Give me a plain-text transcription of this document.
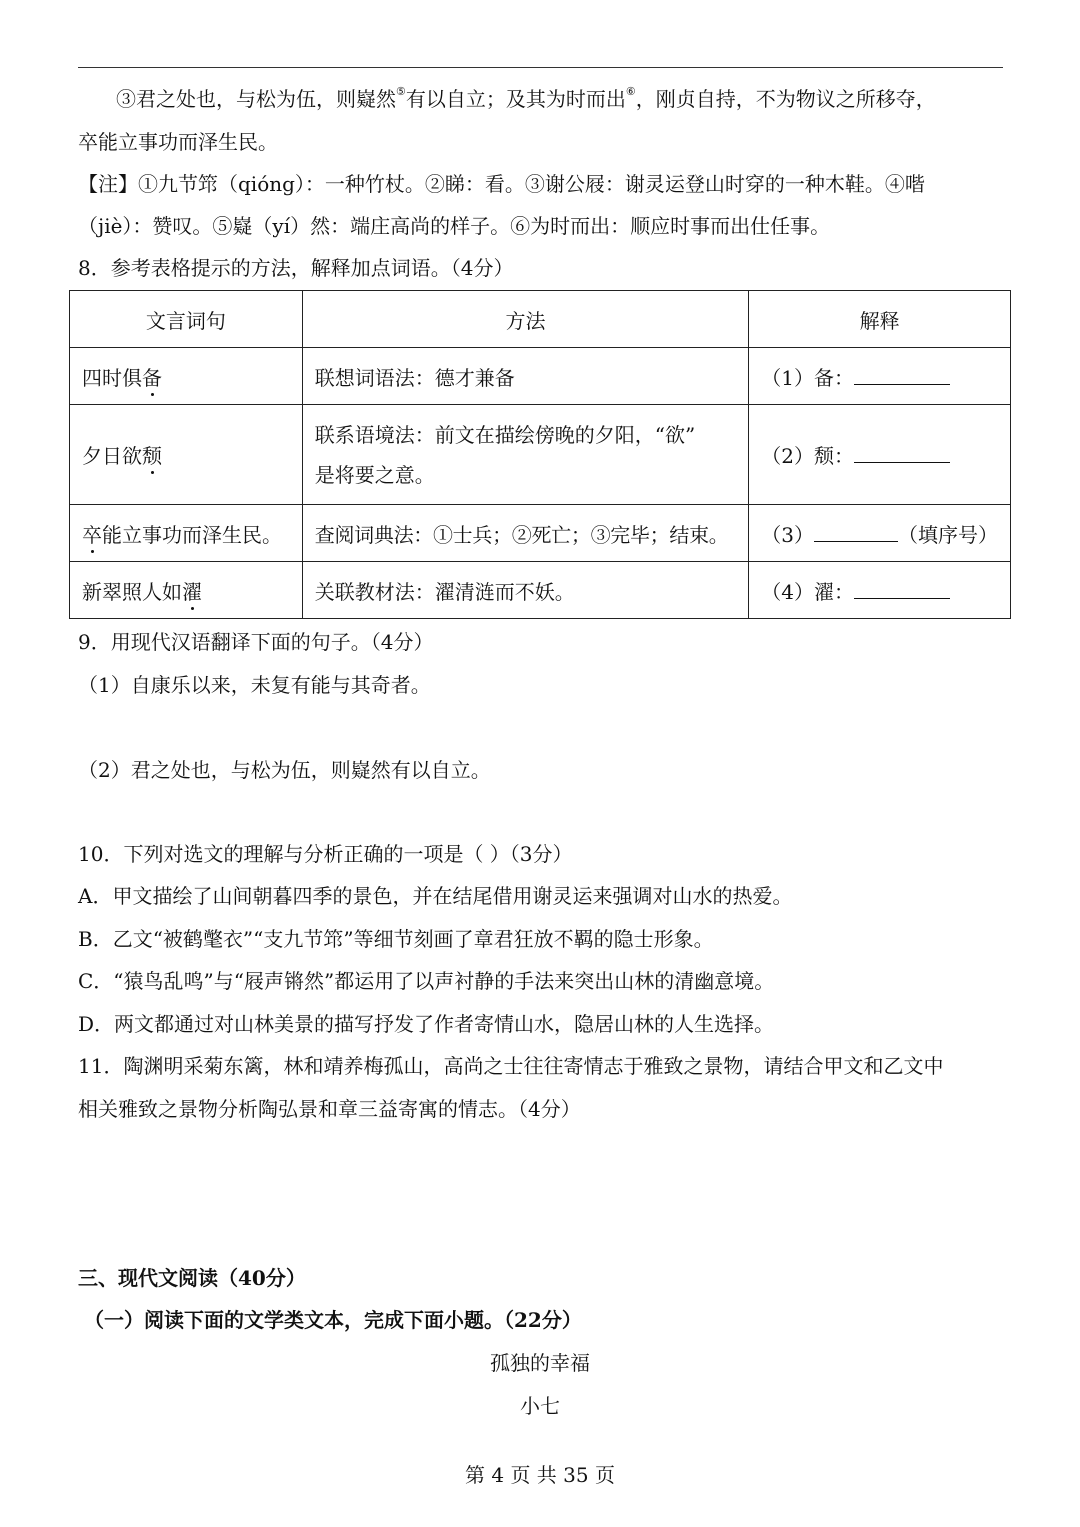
③君之处也，与松为伍，则嶷然⑤有以自立；及其为时而出⑥，刚贞自持，不为物议之所移夺，
卒能立事功而泽生民。
【注】①九节筇（qióng）：一种竹杖。②睇：看。③谢公屐：谢灵运登山时穿的一种木鞋。④喈
（jiè）：赞叹。⑤嶷（yí）然：端庄高尚的样子。⑥为时而出：顺应时事而出仕任事。
8．参考表格提示的方法，解释加点词语。（4分）
文言词句	方法	解释
四时俱备	联想词语法：德才兼备	（1）备：
夕日欲颓	联系语境法：前文在描绘傍晚的夕阳，“欲”
是将要之意。	（2）颓：
卒能立事功而泽生民。	查阅词典法：①士兵；②死亡；③完毕；结束。	（3） （填序号）
新翠照人如濯	关联教材法：濯清涟而不妖。	（4）濯：
9．用现代汉语翻译下面的句子。（4分）
（1）自康乐以来，未复有能与其奇者。
（2）君之处也，与松为伍，则嶷然有以自立。
10．下列对选文的理解与分析正确的一项是（ ）（3分）
A．甲文描绘了山间朝暮四季的景色，并在结尾借用谢灵运来强调对山水的热爱。
B．乙文“被鹤氅衣”“支九节筇”等细节刻画了章君狂放不羁的隐士形象。
C．“猿鸟乱鸣”与“屐声锵然”都运用了以声衬静的手法来突出山林的清幽意境。
D．两文都通过对山林美景的描写抒发了作者寄情山水，隐居山林的人生选择。
11．陶渊明采菊东篱，林和靖养梅孤山，高尚之士往往寄情志于雅致之景物，请结合甲文和乙文中
相关雅致之景物分析陶弘景和章三益寄寓的情志。（4分）
三、现代文阅读（40分）
（一）阅读下面的文学类文本，完成下面小题。（22分）
孤独的幸福
小七
第 4 页 共 35 页
